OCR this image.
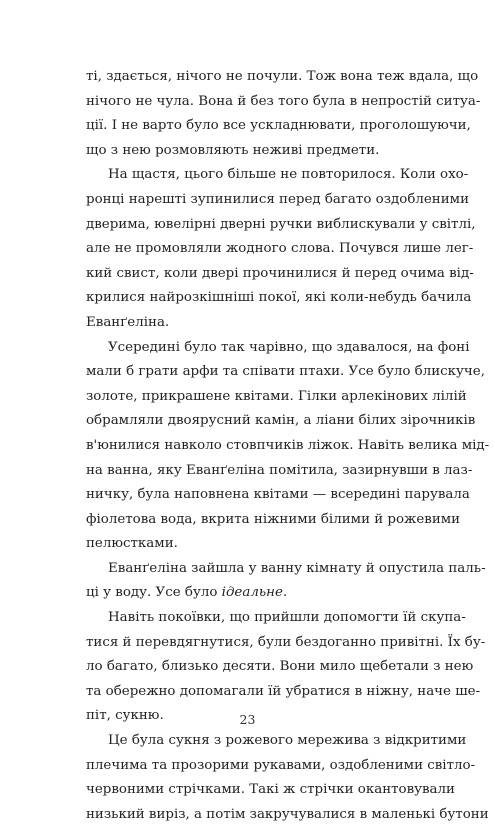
ті, здається, нічого не почули. Тож вона теж вдала, що
нічого не чула. Вона й без того була в непростій ситуа-
ції. І не варто було все ускладнювати, проголошуючи,
що з нею розмовляють неживі предмети.
На щастя, цього більше не повторилося. Коли охо-
ронці нарешті зупинилися перед багато оздобленими
дверима, ювелірні дверні ручки виблискували у світлі,
але не промовляли жодного слова. Почувся лише лег-
кий свист, коли двері прочинилися й перед очима від-
крилися найрозкішніші покої, які коли-небудь бачила
Еванґеліна.
Усередині було так чарівно, що здавалося, на фоні
мали б грати арфи та співати птахи. Усе було блискуче,
золоте, прикрашене квітами. Гілки арлекінових лілій
обрамляли двоярусний камін, а ліани білих зірочників
в'юнилися навколо стовпчиків ліжок. Навіть велика мід-
на ванна, яку Еванґеліна помітила, зазирнувши в лаз-
ничку, була наповнена квітами — всередині парувала
фіолетова вода, вкрита ніжними білими й рожевими
пелюстками.
Еванґеліна зайшла у ванну кімнату й опустила паль-
ці у воду. Усе було ідеальне.
Навіть покоївки, що прийшли допомогти їй скупа-
тися й перевдягнутися, були бездоганно привітні. Їх бу-
ло багато, близько десяти. Вони мило щебетали з нею
та обережно допомагали їй убратися в ніжну, наче ше-
піт, сукню.
Це була сукня з рожевого мережива з відкритими
плечима та прозорими рукавами, оздобленими світло-
червоними стрічками. Такі ж стрічки окантовували
низький виріз, а потім закручувалися в маленькі бутони
23
